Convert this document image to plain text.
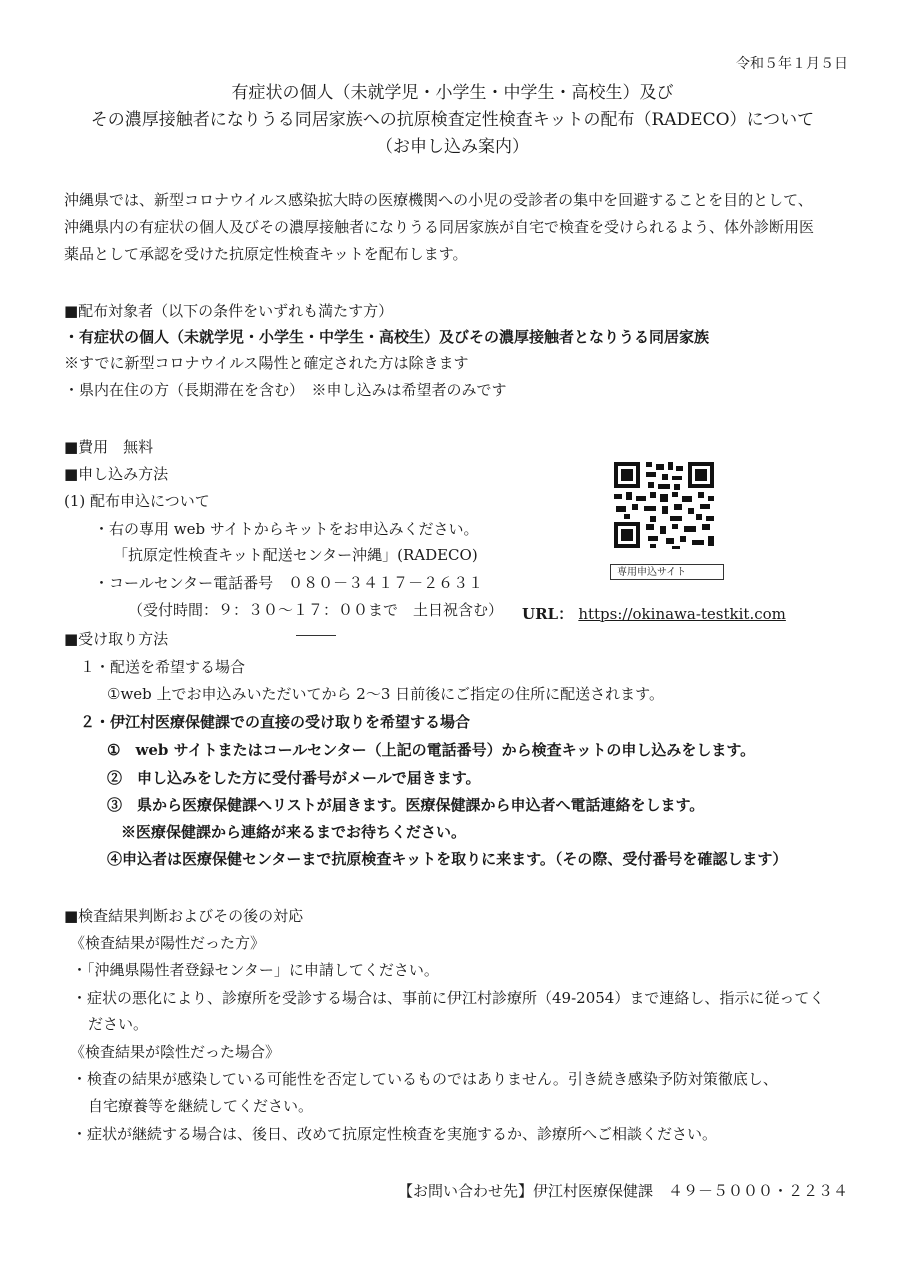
令和５年１月５日
有症状の個人（未就学児・小学生・中学生・高校生）及び
その濃厚接触者になりうる同居家族への抗原検査定性検査キットの配布（RADECO）について
（お申し込み案内）
沖縄県では、新型コロナウイルス感染拡大時の医療機関への小児の受診者の集中を回避することを目的として、
沖縄県内の有症状の個人及びその濃厚接触者になりうる同居家族が自宅で検査を受けられるよう、体外診断用医
薬品として承認を受けた抗原定性検査キットを配布します。
■配布対象者（以下の条件をいずれも満たす方）
・有症状の個人（未就学児・小学生・中学生・高校生）及びその濃厚接触者となりうる同居家族
※すでに新型コロナウイルス陽性と確定された方は除きます
・県内在住の方（長期滞在を含む）　※申し込みは希望者のみです
■費用　無料
■申し込み方法
(1) 配布申込について
・右の専用 web サイトからキットをお申込みください。
「抗原定性検査キット配送センター沖縄」(RADECO)
・コールセンター電話番号　０８０－３４１７－２６３１
（受付時間：９：３０～１７：００まで　土日祝含む）
専用申込サイト
URL： https://okinawa-testkit.com
■受け取り方法
１・配送を希望する場合
①web 上でお申込みいただいてから 2～3 日前後にご指定の住所に配送されます。
２・伊江村医療保健課での直接の受け取りを希望する場合
①　web サイトまたはコールセンター（上記の電話番号）から検査キットの申し込みをします。
②　申し込みをした方に受付番号がメールで届きます。
③　県から医療保健課へリストが届きます。医療保健課から申込者へ電話連絡をします。
※医療保健課から連絡が来るまでお待ちください。
④申込者は医療保健センターまで抗原検査キットを取りに来ます。（その際、受付番号を確認します）
■検査結果判断およびその後の対応
《検査結果が陽性だった方》
・「沖縄県陽性者登録センター」に申請してください。
・症状の悪化により、診療所を受診する場合は、事前に伊江村診療所（49-2054）まで連絡し、指示に従ってく
ださい。
《検査結果が陰性だった場合》
・検査の結果が感染している可能性を否定しているものではありません。引き続き感染予防対策徹底し、
自宅療養等を継続してください。
・症状が継続する場合は、後日、改めて抗原定性検査を実施するか、診療所へご相談ください。
【お問い合わせ先】伊江村医療保健課　４９－５０００・２２３４
